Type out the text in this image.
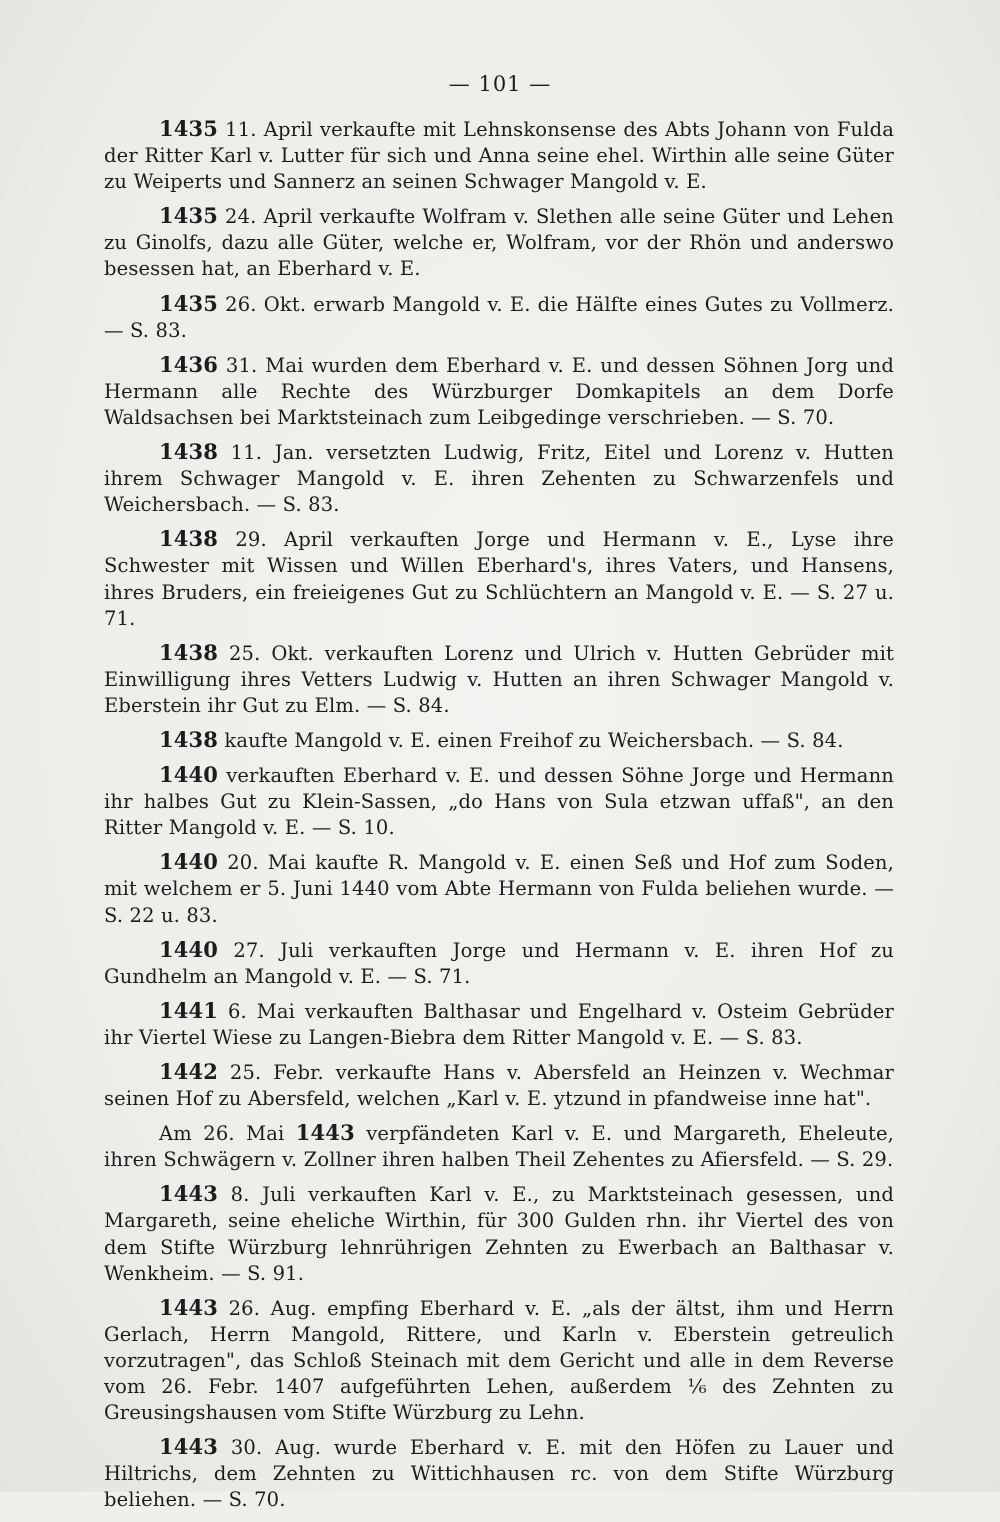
— 101 —

1435 11. April verkaufte mit Lehnskonsense des Abts Johann von Fulda der Ritter Karl v. Lutter für sich und Anna seine ehel. Wirthin alle seine Güter zu Weiperts und Sannerz an seinen Schwager Mangold v. E.

1435 24. April verkaufte Wolfram v. Slethen alle seine Güter und Lehen zu Ginolfs, dazu alle Güter, welche er, Wolfram, vor der Rhön und anderswo besessen hat, an Eberhard v. E.

1435 26. Okt. erwarb Mangold v. E. die Hälfte eines Gutes zu Vollmerz. — S. 83.

1436 31. Mai wurden dem Eberhard v. E. und dessen Söhnen Jorg und Hermann alle Rechte des Würzburger Domkapitels an dem Dorfe Waldsachsen bei Marktsteinach zum Leibgedinge verschrieben. — S. 70.

1438 11. Jan. versetzten Ludwig, Fritz, Eitel und Lorenz v. Hutten ihrem Schwager Mangold v. E. ihren Zehenten zu Schwarzenfels und Weichersbach. — S. 83.

1438 29. April verkauften Jorge und Hermann v. E., Lyse ihre Schwester mit Wissen und Willen Eberhard's, ihres Vaters, und Hansens, ihres Bruders, ein freieigenes Gut zu Schlüchtern an Mangold v. E. — S. 27 u. 71.

1438 25. Okt. verkauften Lorenz und Ulrich v. Hutten Gebrüder mit Einwilligung ihres Vetters Ludwig v. Hutten an ihren Schwager Mangold v. Eberstein ihr Gut zu Elm. — S. 84.

1438 kaufte Mangold v. E. einen Freihof zu Weichersbach. — S. 84.

1440 verkauften Eberhard v. E. und dessen Söhne Jorge und Hermann ihr halbes Gut zu Klein-Sassen, „do Hans von Sula etzwan uffaß", an den Ritter Mangold v. E. — S. 10.

1440 20. Mai kaufte R. Mangold v. E. einen Seß und Hof zum Soden, mit welchem er 5. Juni 1440 vom Abte Hermann von Fulda beliehen wurde. — S. 22 u. 83.

1440 27. Juli verkauften Jorge und Hermann v. E. ihren Hof zu Gundhelm an Mangold v. E. — S. 71.

1441 6. Mai verkauften Balthasar und Engelhard v. Osteim Gebrüder ihr Viertel Wiese zu Langen-Biebra dem Ritter Mangold v. E. — S. 83.

1442 25. Febr. verkaufte Hans v. Abersfeld an Heinzen v. Wechmar seinen Hof zu Abersfeld, welchen „Karl v. E. ytzund in pfandweise inne hat".

Am 26. Mai 1443 verpfändeten Karl v. E. und Margareth, Eheleute, ihren Schwägern v. Zollner ihren halben Theil Zehentes zu Afiersfeld. — S. 29.

1443 8. Juli verkauften Karl v. E., zu Marktsteinach gesessen, und Margareth, seine eheliche Wirthin, für 300 Gulden rhn. ihr Viertel des von dem Stifte Würzburg lehnrührigen Zehnten zu Ewerbach an Balthasar v. Wenkheim. — S. 91.

1443 26. Aug. empfing Eberhard v. E. „als der ältst, ihm und Herrn Gerlach, Herrn Mangold, Rittere, und Karln v. Eberstein getreulich vorzutragen", das Schloß Steinach mit dem Gericht und alle in dem Reverse vom 26. Febr. 1407 aufgeführten Lehen, außerdem ¹⁄₆ des Zehnten zu Greusingshausen vom Stifte Würzburg zu Lehn.

1443 30. Aug. wurde Eberhard v. E. mit den Höfen zu Lauer und Hiltrichs, dem Zehnten zu Wittichhausen rc. von dem Stifte Würzburg beliehen. — S. 70.
